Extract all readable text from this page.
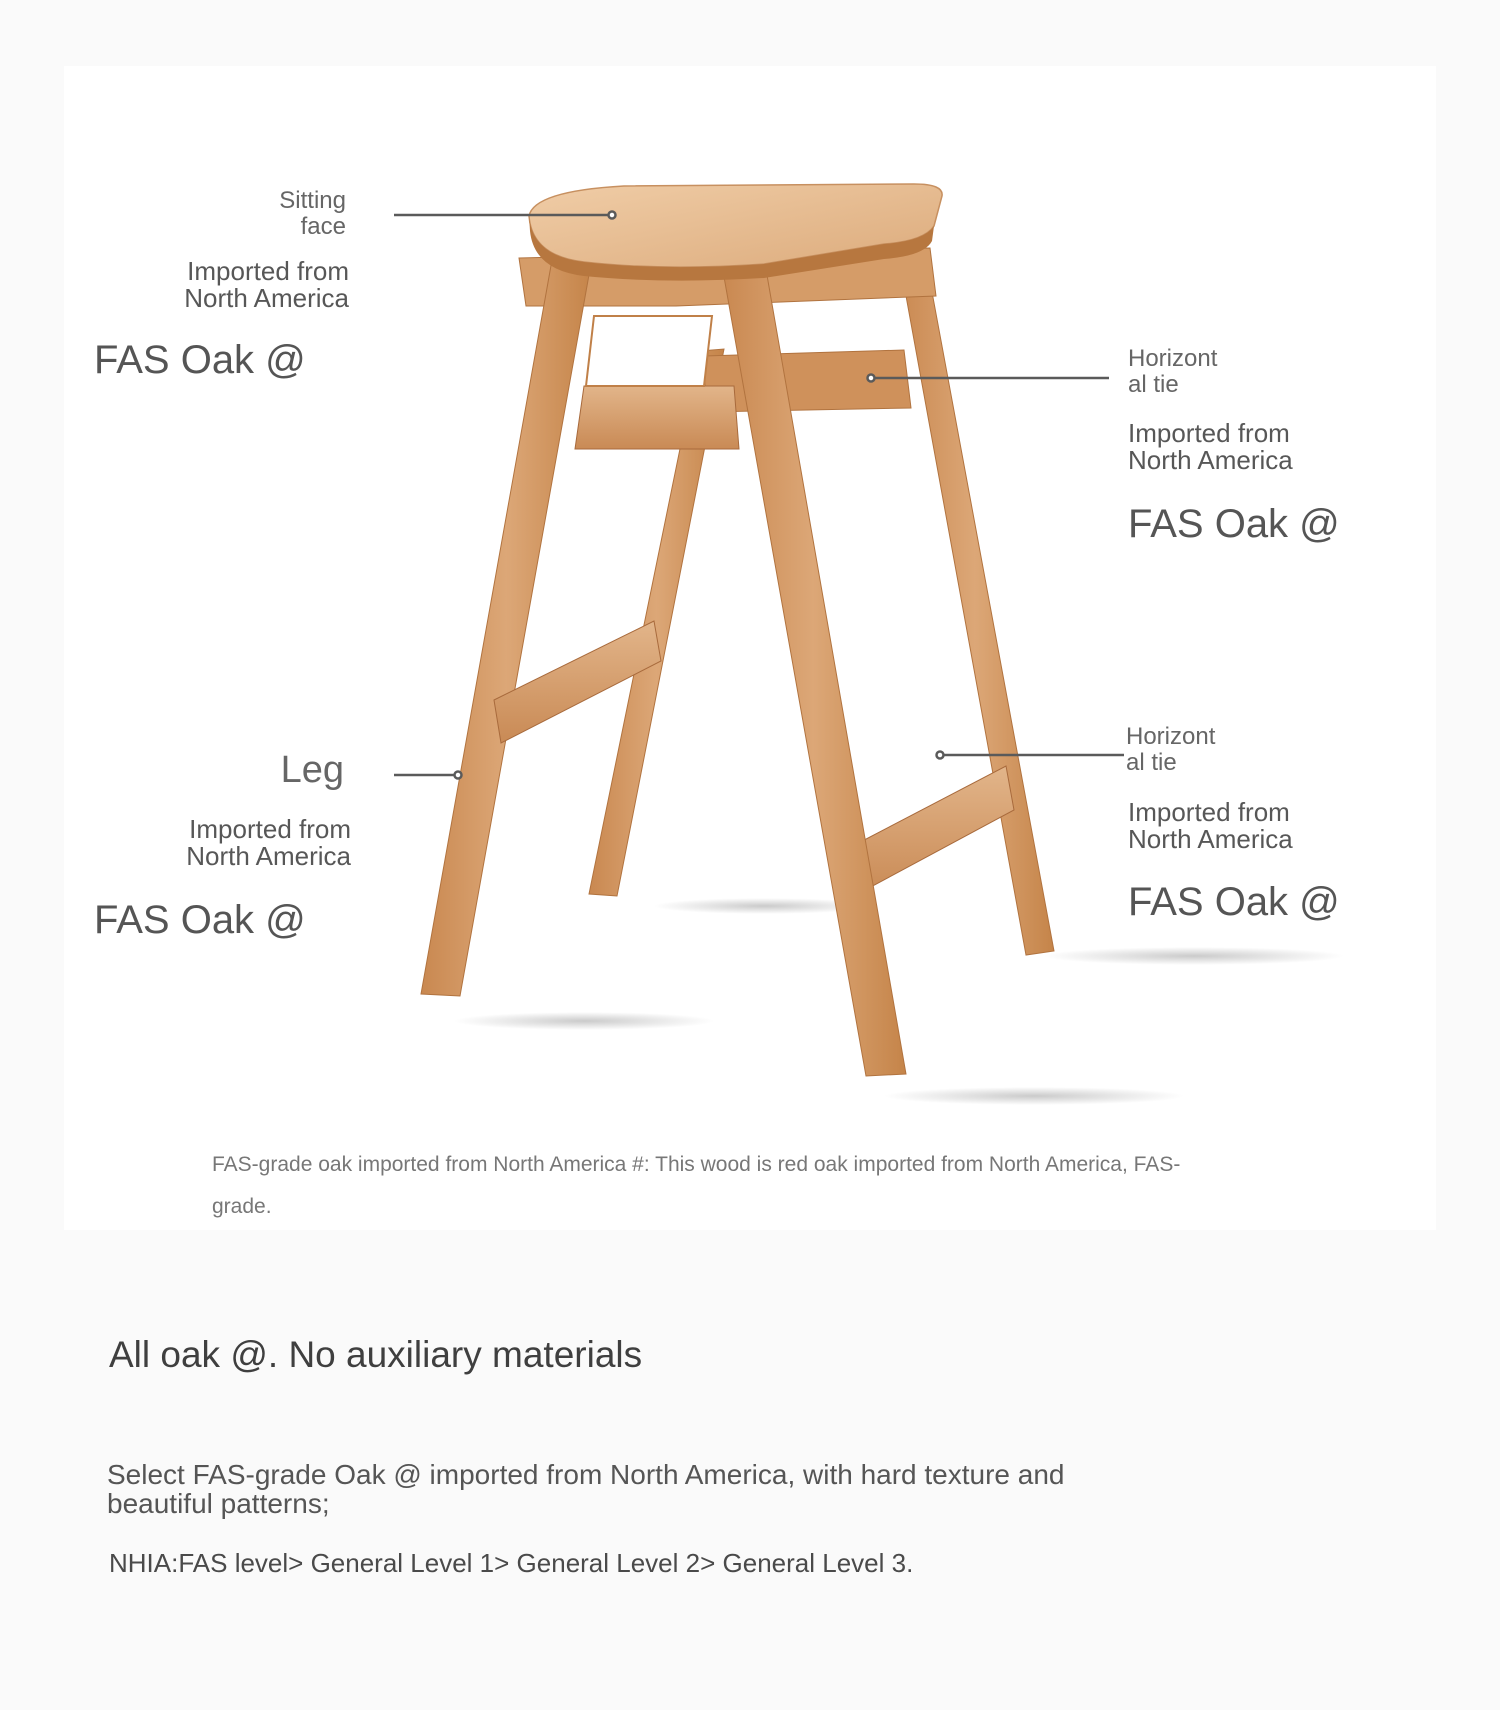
Sitting
face

Imported from
North America

FAS Oak @	Horizont
al tie

Imported from
North America

FAS Oak @

Leg

Imported from
North America

FAS Oak @

Horizont
al tie

Imported from
North America

FAS Oak @

FAS-grade oak imported from North America #: This wood is red oak imported from North America, FAS-grade.

All oak @. No auxiliary materials

Select FAS-grade Oak @ imported from North America, with hard texture and beautiful patterns;

NHIA:FAS level> General Level 1> General Level 2> General Level 3.
